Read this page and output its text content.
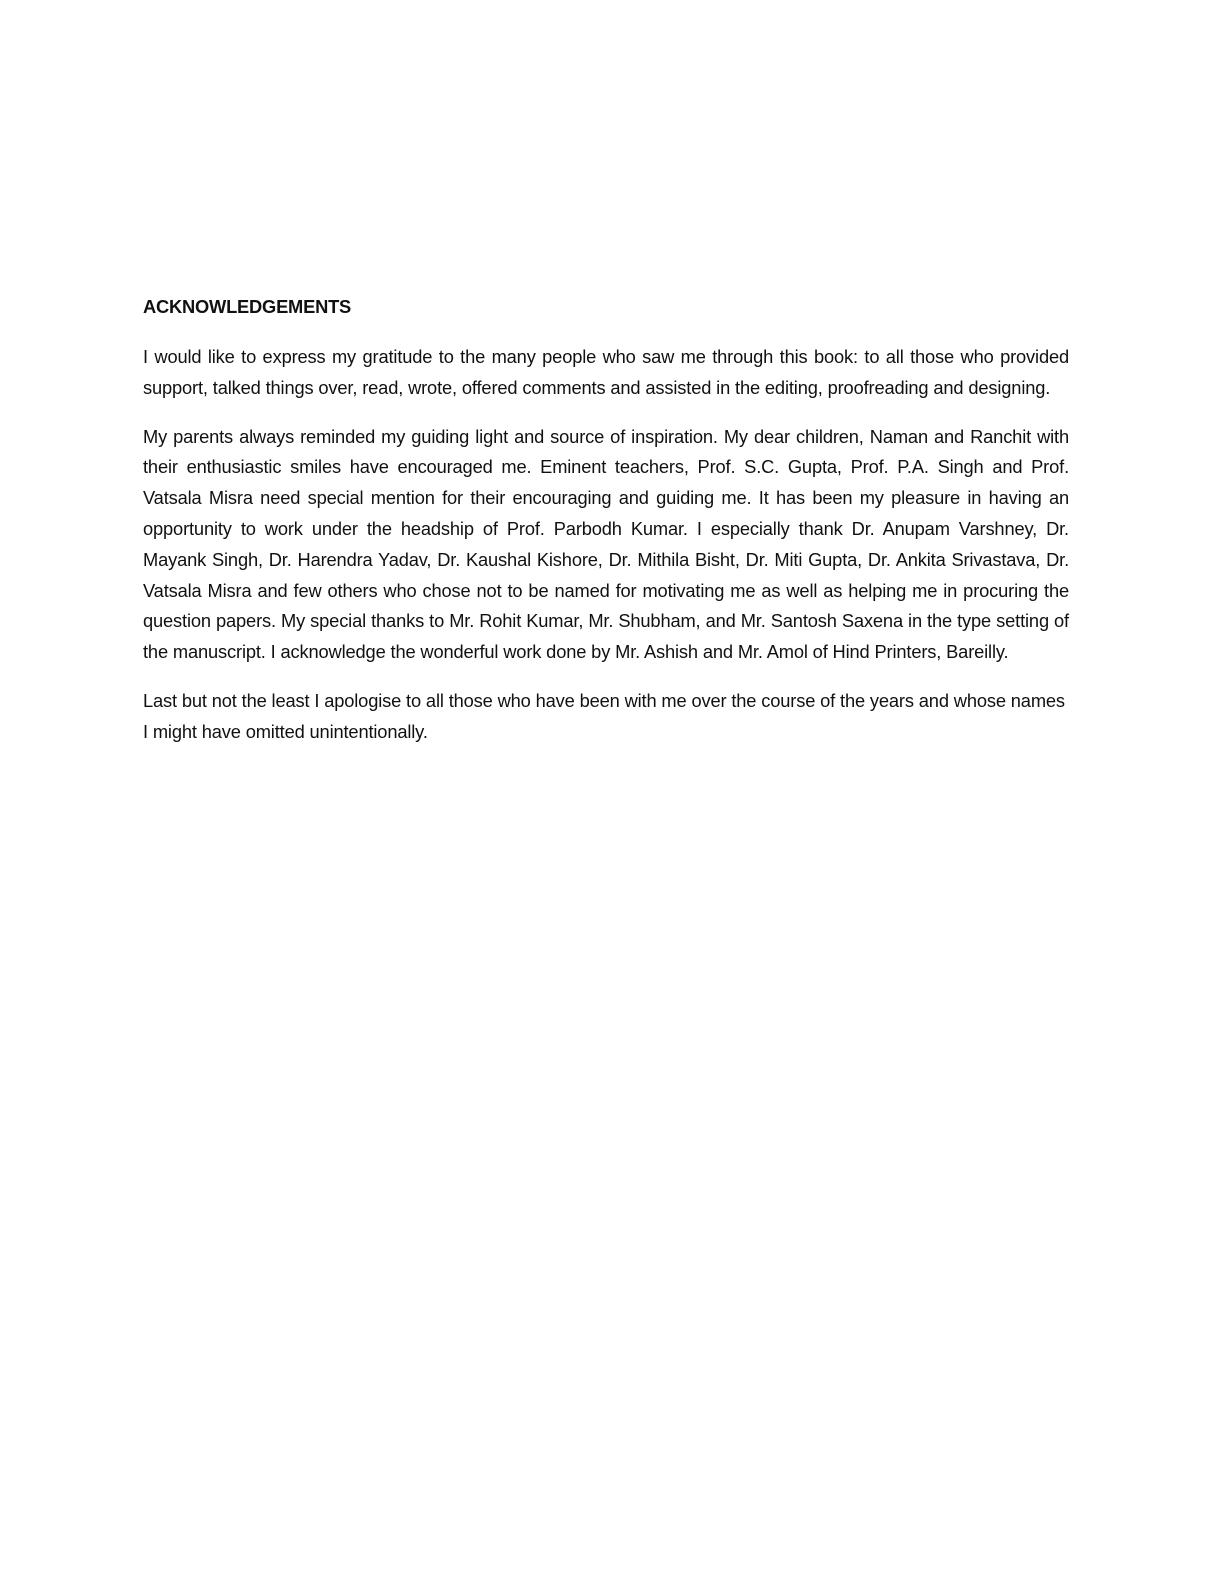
ACKNOWLEDGEMENTS

I would like to express my gratitude to the many people who saw me through this book: to all those who provided support, talked things over, read, wrote, offered comments and assisted in the editing, proofreading and designing.

My parents always reminded my guiding light and source of inspiration. My dear children, Naman and Ranchit with their enthusiastic smiles have encouraged me. Eminent teachers, Prof. S.C. Gupta, Prof. P.A. Singh and Prof. Vatsala Misra need special mention for their encouraging and guiding me. It has been my pleasure in having an opportunity to work under the headship of Prof. Parbodh Kumar. I especially thank Dr. Anupam Varshney, Dr. Mayank Singh, Dr. Harendra Yadav, Dr. Kaushal Kishore, Dr. Mithila Bisht, Dr. Miti Gupta, Dr. Ankita Srivastava, Dr. Vatsala Misra and few others who chose not to be named for motivating me as well as helping me in procuring the question papers. My special thanks to Mr. Rohit Kumar, Mr. Shubham, and Mr. Santosh Saxena in the type setting of the manuscript. I acknowledge the wonderful work done by Mr. Ashish and Mr. Amol of Hind Printers, Bareilly.

Last but not the least I apologise to all those who have been with me over the course of the years and whose names I might have omitted unintentionally.
